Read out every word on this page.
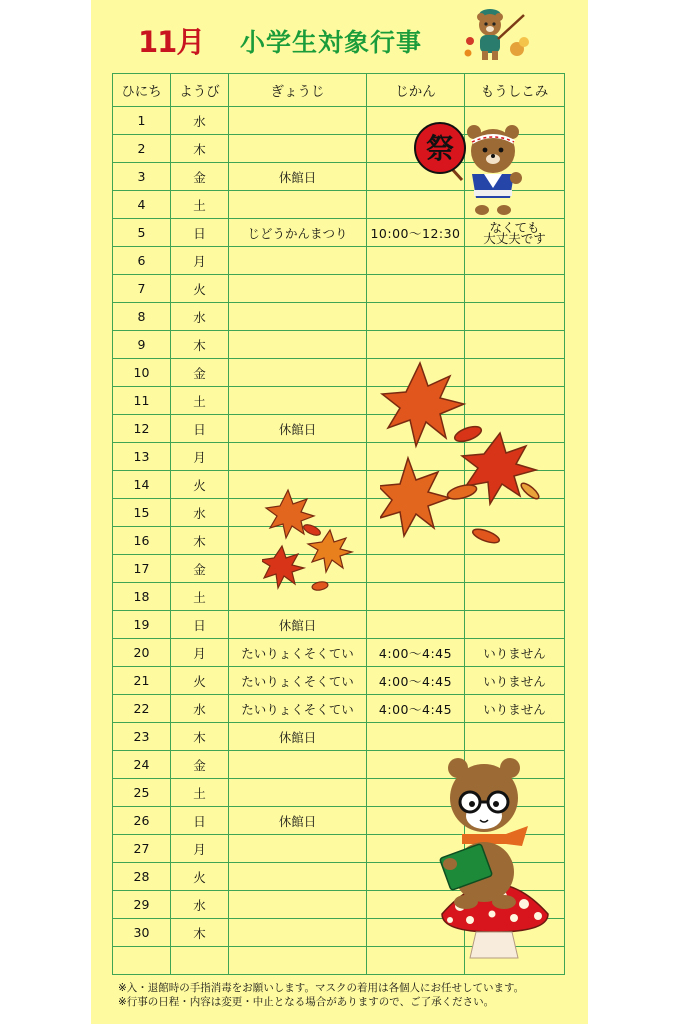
11月 小学生対象行事
ひにち	ようび	ぎょうじ	じかん	もうしこみ
1	水			
2	木			
3	金	休館日		
4	土			
5	日	じどうかんまつり	10:00～12:30	なくても
大丈夫です
6	月			
7	火			
8	水			
9	木			
10	金			
11	土			
12	日	休館日		
13	月			
14	火			
15	水			
16	木			
17	金			
18	土			
19	日	休館日		
20	月	たいりょくそくてい	4:00～4:45	いりません
21	火	たいりょくそくてい	4:00～4:45	いりません
22	水	たいりょくそくてい	4:00～4:45	いりません
23	木	休館日		
24	金			
25	土			
26	日	休館日		
27	月			
28	火			
29	水			
30	木			

祭
※入・退館時の手指消毒をお願いします。マスクの着用は各個人にお任せしています。
※行事の日程・内容は変更・中止となる場合がありますので、ご了承ください。
